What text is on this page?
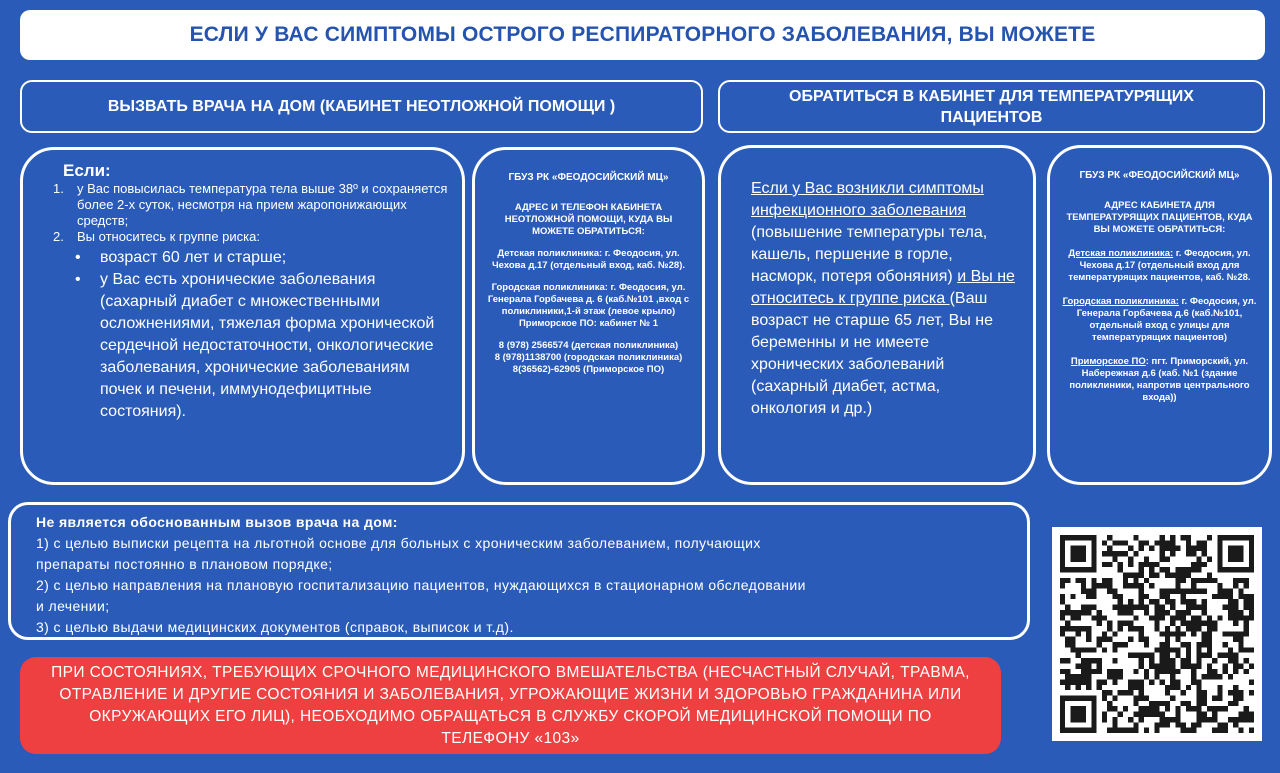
ЕСЛИ У ВАС СИМПТОМЫ ОСТРОГО РЕСПИРАТОРНОГО ЗАБОЛЕВАНИЯ, ВЫ МОЖЕТЕ
ВЫЗВАТЬ ВРАЧА НА ДОМ (КАБИНЕТ НЕОТЛОЖНОЙ ПОМОЩИ )
ОБРАТИТЬСЯ В КАБИНЕТ ДЛЯ ТЕМПЕРАТУРЯЩИХ ПАЦИЕНТОВ
Если:
1. у Вас повысилась температура тела выше 38º и сохраняется более 2-х суток, несмотря на прием жаропонижающих средств;
2. Вы относитесь к группе риска:
• возраст 60 лет и старше;
• у Вас есть хронические заболевания (сахарный диабет с множественными осложнениями, тяжелая форма хронической сердечной недостаточности, онкологические заболевания, хронические заболеваниям почек и печени, иммунодефицитные состояния).
ГБУЗ РК «ФЕОДОСИЙСКИЙ МЦ»

АДРЕС И ТЕЛЕФОН КАБИНЕТА НЕОТЛОЖНОЙ ПОМОЩИ, КУДА ВЫ МОЖЕТЕ ОБРАТИТЬСЯ:

Детская поликлиника: г. Феодосия, ул. Чехова д.17 (отдельный вход, каб. №28).

Городская поликлиника: г. Феодосия, ул. Генерала Горбачева д. 6 (каб.№101 ,вход с поликлиники,1-й этаж (левое крыло)

Приморское ПО: кабинет № 1

8 (978) 2566574 (детская поликлиника)

8 (978)1138700 (городская поликлиника)

8(36562)-62905 (Приморское ПО)

Если у Вас возникли симптомы инфекционного заболевания (повышение температуры тела, кашель, першение в горле, насморк, потеря обоняния) и Вы не относитесь к группе риска (Ваш возраст не старше 65 лет, Вы не беременны и не имеете хронических заболеваний (сахарный диабет, астма, онкология и др.)
ГБУЗ РК «ФЕОДОСИЙСКИЙ МЦ»

АДРЕС КАБИНЕТА ДЛЯ ТЕМПЕРАТУРЯЩИХ ПАЦИЕНТОВ, КУДА ВЫ МОЖЕТЕ ОБРАТИТЬСЯ:

Детская поликлиника: г. Феодосия, ул. Чехова д.17 (отдельный вход для температурящих пациентов, каб. №28.

Городская поликлиника: г. Феодосия, ул. Генерала Горбачева д.6 (каб.№101, отдельный вход с улицы для температурящих пациентов)

Приморское ПО: пгт. Приморский, ул. Набережная д.6 (каб. №1 (здание поликлиники, напротив центрального входа))

Не является обоснованным вызов врача на дом:
1) с целью выписки рецепта на льготной основе для больных с хроническим заболеванием, получающих
препараты постоянно в плановом порядке;
2) с целью направления на плановую госпитализацию пациентов, нуждающихся в стационарном обследовании
и лечении;
3) с целью выдачи медицинских документов (справок, выписок и т.д).
ПРИ СОСТОЯНИЯХ, ТРЕБУЮЩИХ СРОЧНОГО МЕДИЦИНСКОГО ВМЕШАТЕЛЬСТВА (НЕСЧАСТНЫЙ СЛУЧАЙ, ТРАВМА, ОТРАВЛЕНИЕ И ДРУГИЕ СОСТОЯНИЯ И ЗАБОЛЕВАНИЯ, УГРОЖАЮЩИЕ ЖИЗНИ И ЗДОРОВЬЮ ГРАЖДАНИНА ИЛИ ОКРУЖАЮЩИХ ЕГО ЛИЦ), НЕОБХОДИМО ОБРАЩАТЬСЯ В СЛУЖБУ СКОРОЙ МЕДИЦИНСКОЙ ПОМОЩИ ПО ТЕЛЕФОНУ «103»
